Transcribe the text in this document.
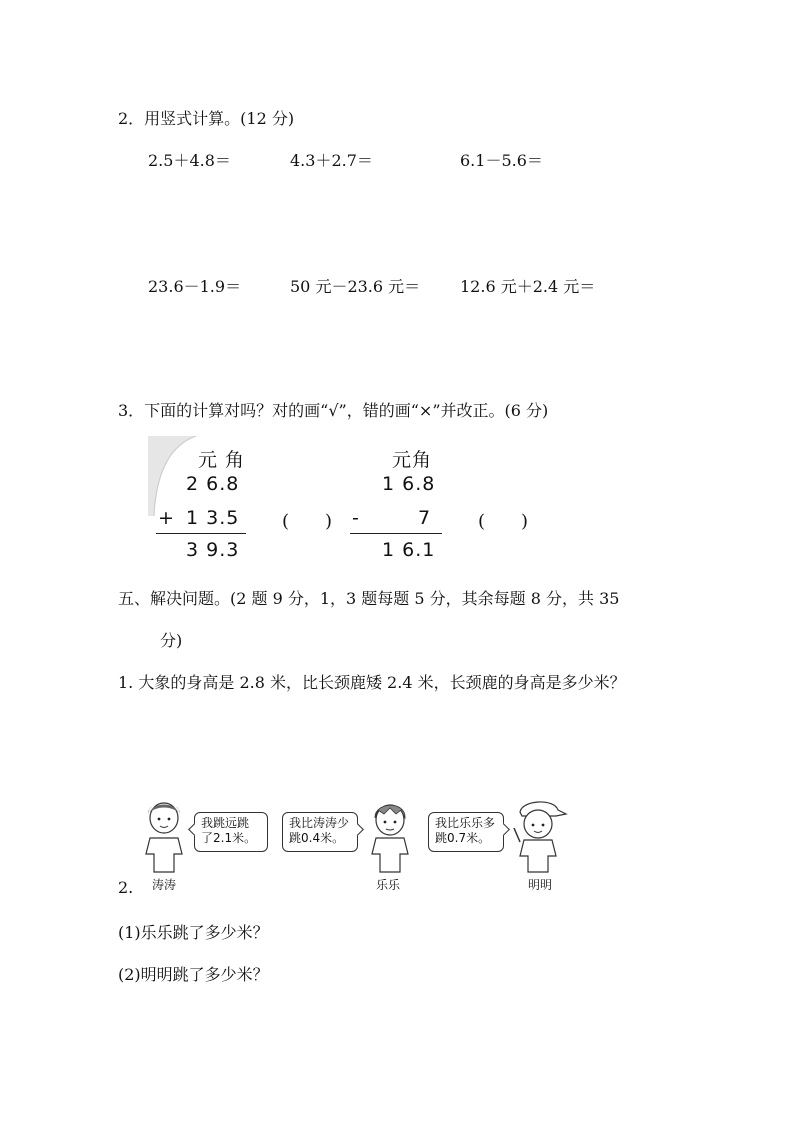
2．用竖式计算。(12 分)
2.5＋4.8＝	4.3＋2.7＝	6.1－5.6＝
23.6－1.9＝	50 元－23.6 元＝ 12.6 元＋2.4 元＝
3．下面的计算对吗？对的画“√”，错的画“×”并改正。(6 分)
元 角
2 6.8
+ 1 3.5
3 9.3
(　　)
元角
1 6.8
-	7
1 6.1
(　　)
五、解决问题。(2 题 9 分，1，3 题每题 5 分，其余每题 8 分，共 35
分)
1. 大象的身高是 2.8 米，比长颈鹿矮 2.4 米，长颈鹿的身高是多少米？
我跳远跳
了2.1米。
涛涛
我比涛涛少
跳0.4米。
乐乐
我比乐乐多
跳0.7米。
明明
2.
(1)乐乐跳了多少米？
(2)明明跳了多少米？
